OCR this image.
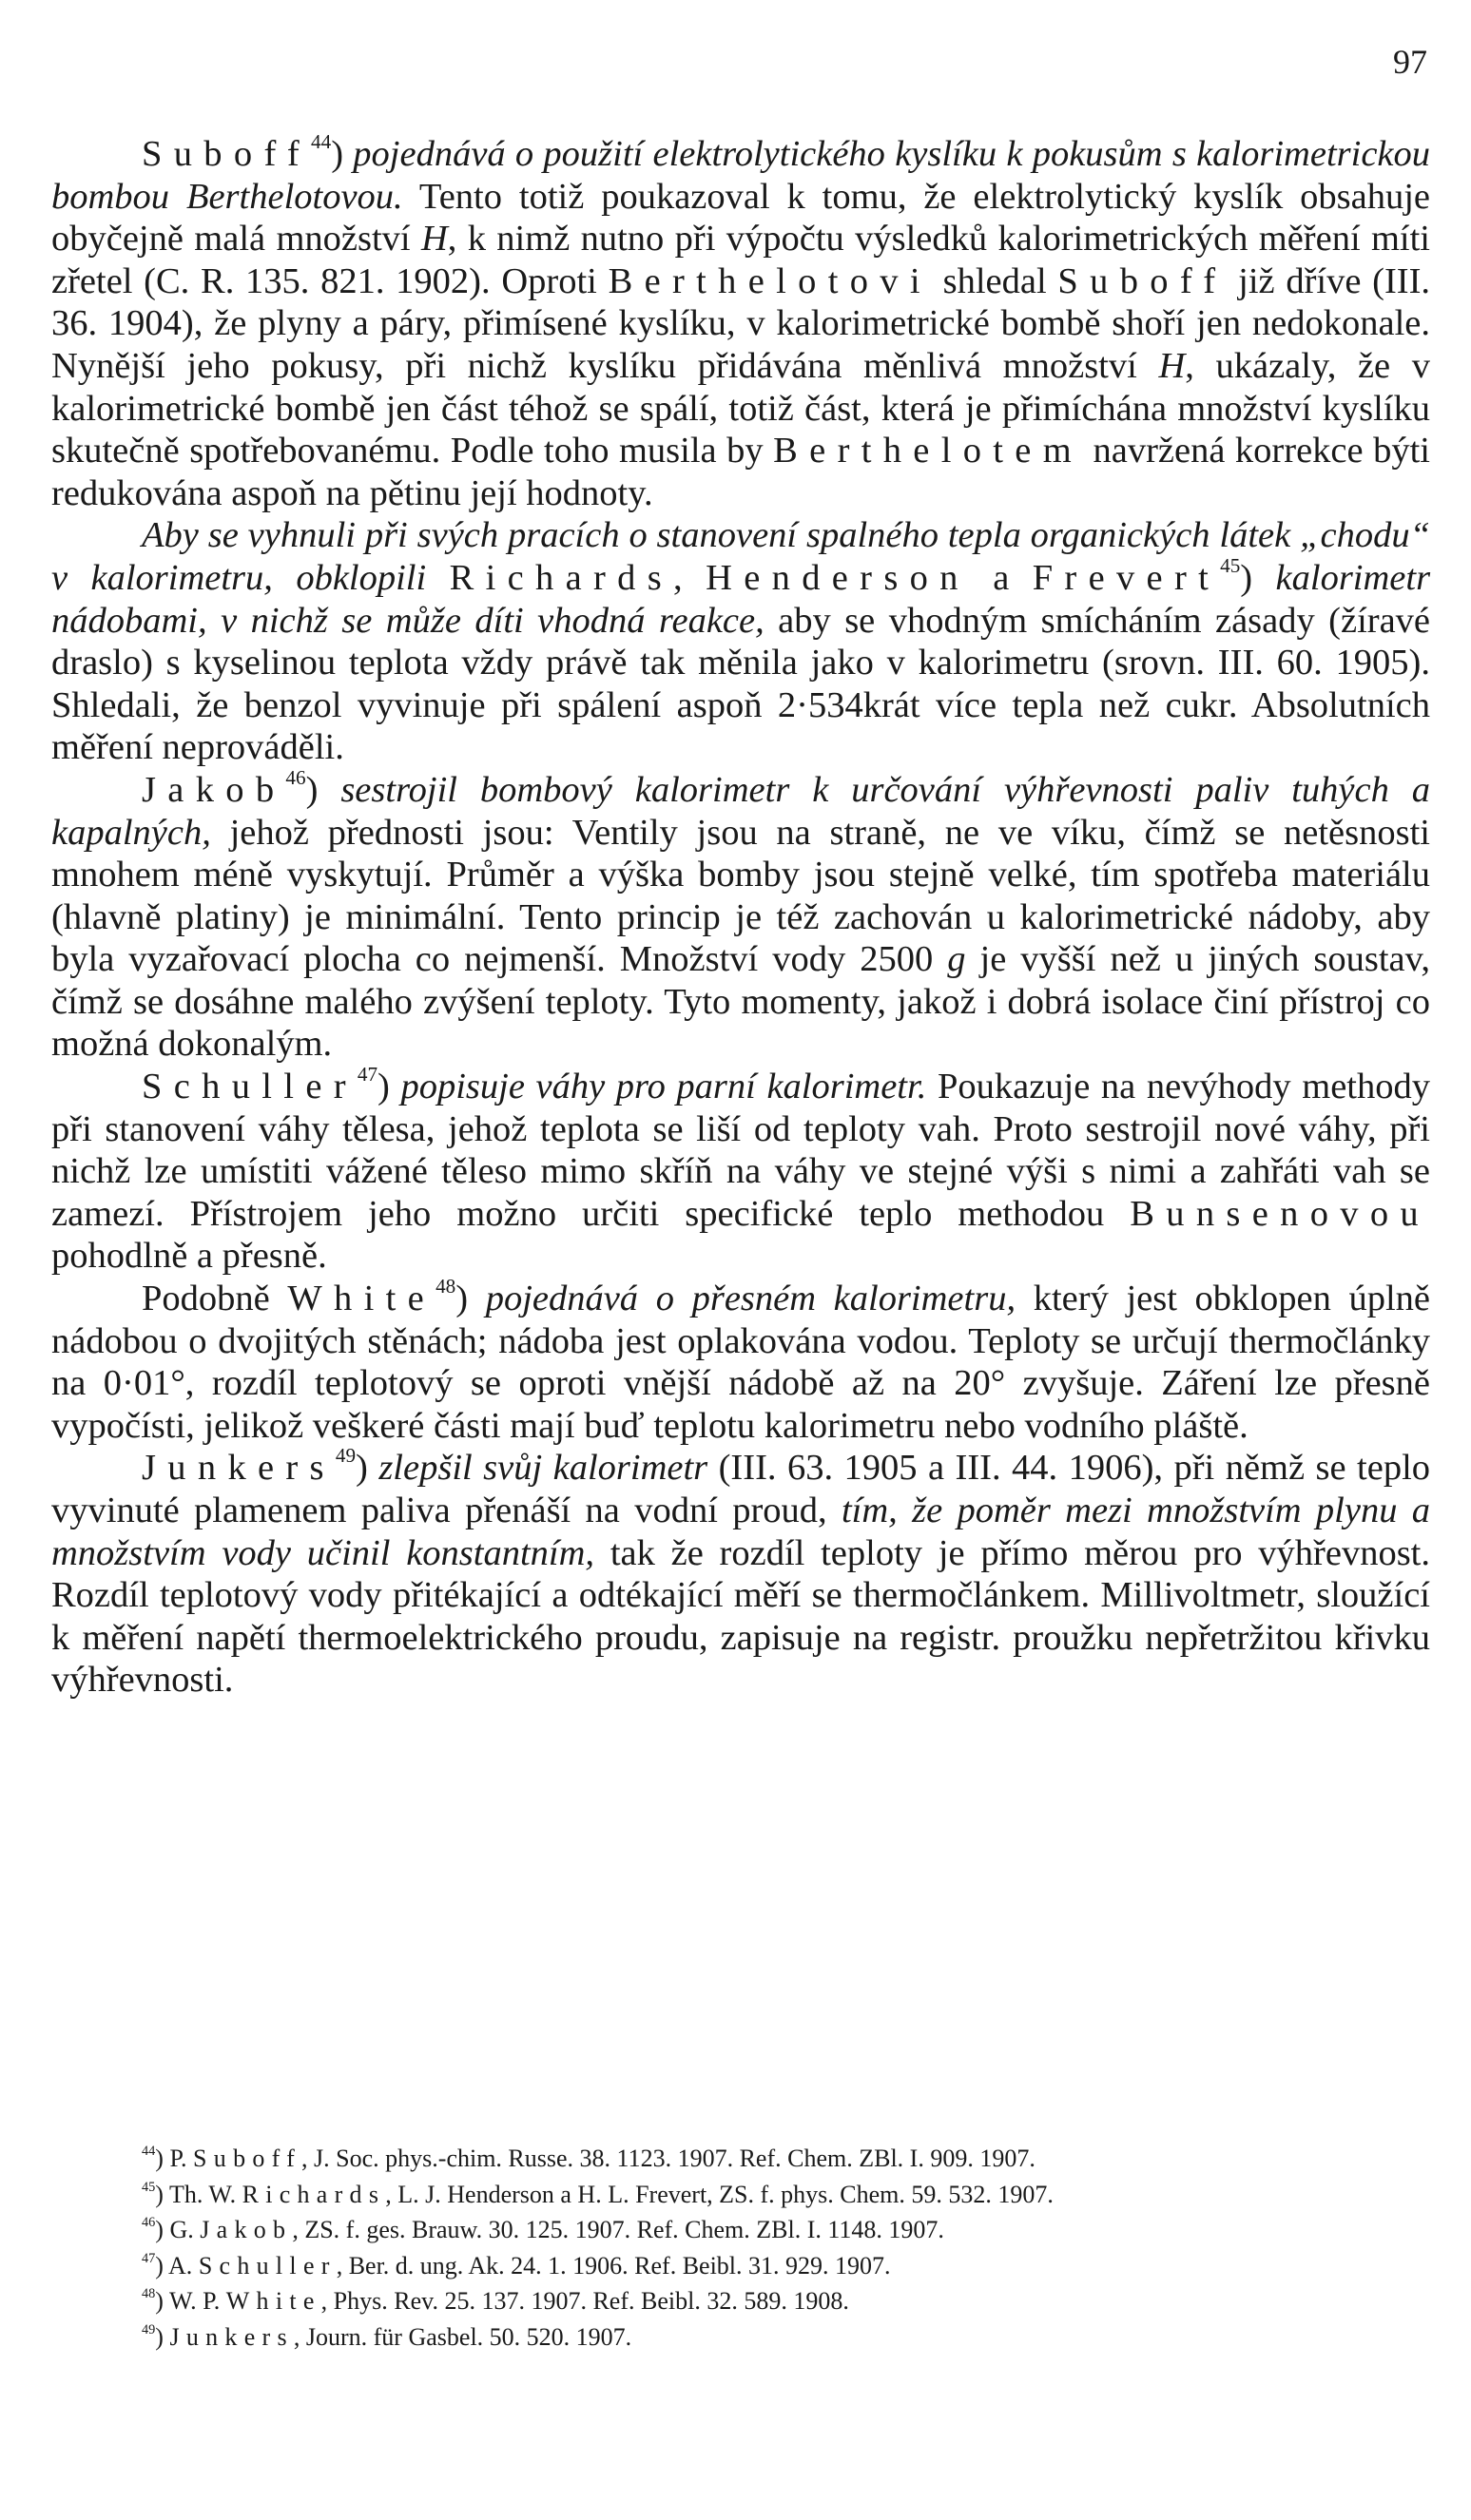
97

Suboff$^{44}$) pojednává o použití elektrolytického kyslíku k pokusům s kalorimetrickou bombou Berthelotovou. Tento totiž poukazoval k tomu, že elektrolytický kyslík obsahuje obyčejně malá množství H, k nimž nutno při výpočtu výsledků kalorimetrických měření míti zřetel (C. R. 135. 821. 1902). Oproti Berthelotovi shledal Suboff již dříve (III. 36. 1904), že plyny a páry, přimísené kyslíku, v kalorimetrické bombě shoří jen nedokonale. Nynější jeho pokusy, při nichž kyslíku přidávána měnlivá množství H, ukázaly, že v kalorimetrické bombě jen část téhož se spálí, totiž část, která je přimíchána množství kyslíku skutečně spotřebovanému. Podle toho musila by Berthelotem navržená korrekce býti redukována aspoň na pětinu její hodnoty.

Aby se vyhnuli při svých pracích o stanovení spalného tepla organických látek „chodu“ v kalorimetru, obklopili Richards, Henderson a Frevert$^{45}$) kalorimetr nádobami, v nichž se může díti vhodná reakce, aby se vhodným smícháním zásady (žíravé draslo) s kyselinou teplota vždy právě tak měnila jako v kalorimetru (srovn. III. 60. 1905). Shledali, že benzol vyvinuje při spálení aspoň 2·534krát více tepla než cukr. Absolutních měření neprováděli.

Jakob$^{46}$) sestrojil bombový kalorimetr k určování výhřevnosti paliv tuhých a kapalných, jehož přednosti jsou: Ventily jsou na straně, ne ve víku, čímž se netěsnosti mnohem méně vyskytují. Průměr a výška bomby jsou stejně velké, tím spotřeba materiálu (hlavně platiny) je minimální. Tento princip je též zachován u kalorimetrické nádoby, aby byla vyzařovací plocha co nejmenší. Množství vody 2500 g je vyšší než u jiných soustav, čímž se dosáhne malého zvýšení teploty. Tyto momenty, jakož i dobrá isolace činí přístroj co možná dokonalým.

Schuller$^{47}$) popisuje váhy pro parní kalorimetr. Poukazuje na nevýhody methody při stanovení váhy tělesa, jehož teplota se liší od teploty vah. Proto sestrojil nové váhy, při nichž lze umístiti vážené těleso mimo skříň na váhy ve stejné výši s nimi a zahřáti vah se zamezí. Přístrojem jeho možno určiti specifické teplo methodou Bunsenovou pohodlně a přesně.

Podobně White$^{48}$) pojednává o přesném kalorimetru, který jest obklopen úplně nádobou o dvojitých stěnách; nádoba jest oplakována vodou. Teploty se určují thermočlánky na 0·01°, rozdíl teplotový se oproti vnější nádobě až na 20° zvyšuje. Záření lze přesně vypočísti, jelikož veškeré části mají buď teplotu kalorimetru nebo vodního pláště.

Junkers$^{49}$) zlepšil svůj kalorimetr (III. 63. 1905 a III. 44. 1906), při němž se teplo vyvinuté plamenem paliva přenáší na vodní proud, tím, že poměr mezi množstvím plynu a množstvím vody učinil konstantním, tak že rozdíl teploty je přímo měrou pro výhřevnost. Rozdíl teplotový vody přitékající a odtékající měří se thermočlánkem. Millivoltmetr, sloužící k měření napětí thermoelektrického proudu, zapisuje na registr. proužku nepřetržitou křivku výhřevnosti.

$^{44}$) P. Suboff, J. Soc. phys.-chim. Russe. 38. 1123. 1907. Ref. Chem. ZBl. I. 909. 1907.

$^{45}$) Th. W. Richards, L. J. Henderson a H. L. Frevert, ZS. f. phys. Chem. 59. 532. 1907.

$^{46}$) G. Jakob, ZS. f. ges. Brauw. 30. 125. 1907. Ref. Chem. ZBl. I. 1148. 1907.

$^{47}$) A. Schuller, Ber. d. ung. Ak. 24. 1. 1906. Ref. Beibl. 31. 929. 1907.

$^{48}$) W. P. White, Phys. Rev. 25. 137. 1907. Ref. Beibl. 32. 589. 1908.

$^{49}$) Junkers, Journ. für Gasbel. 50. 520. 1907.
